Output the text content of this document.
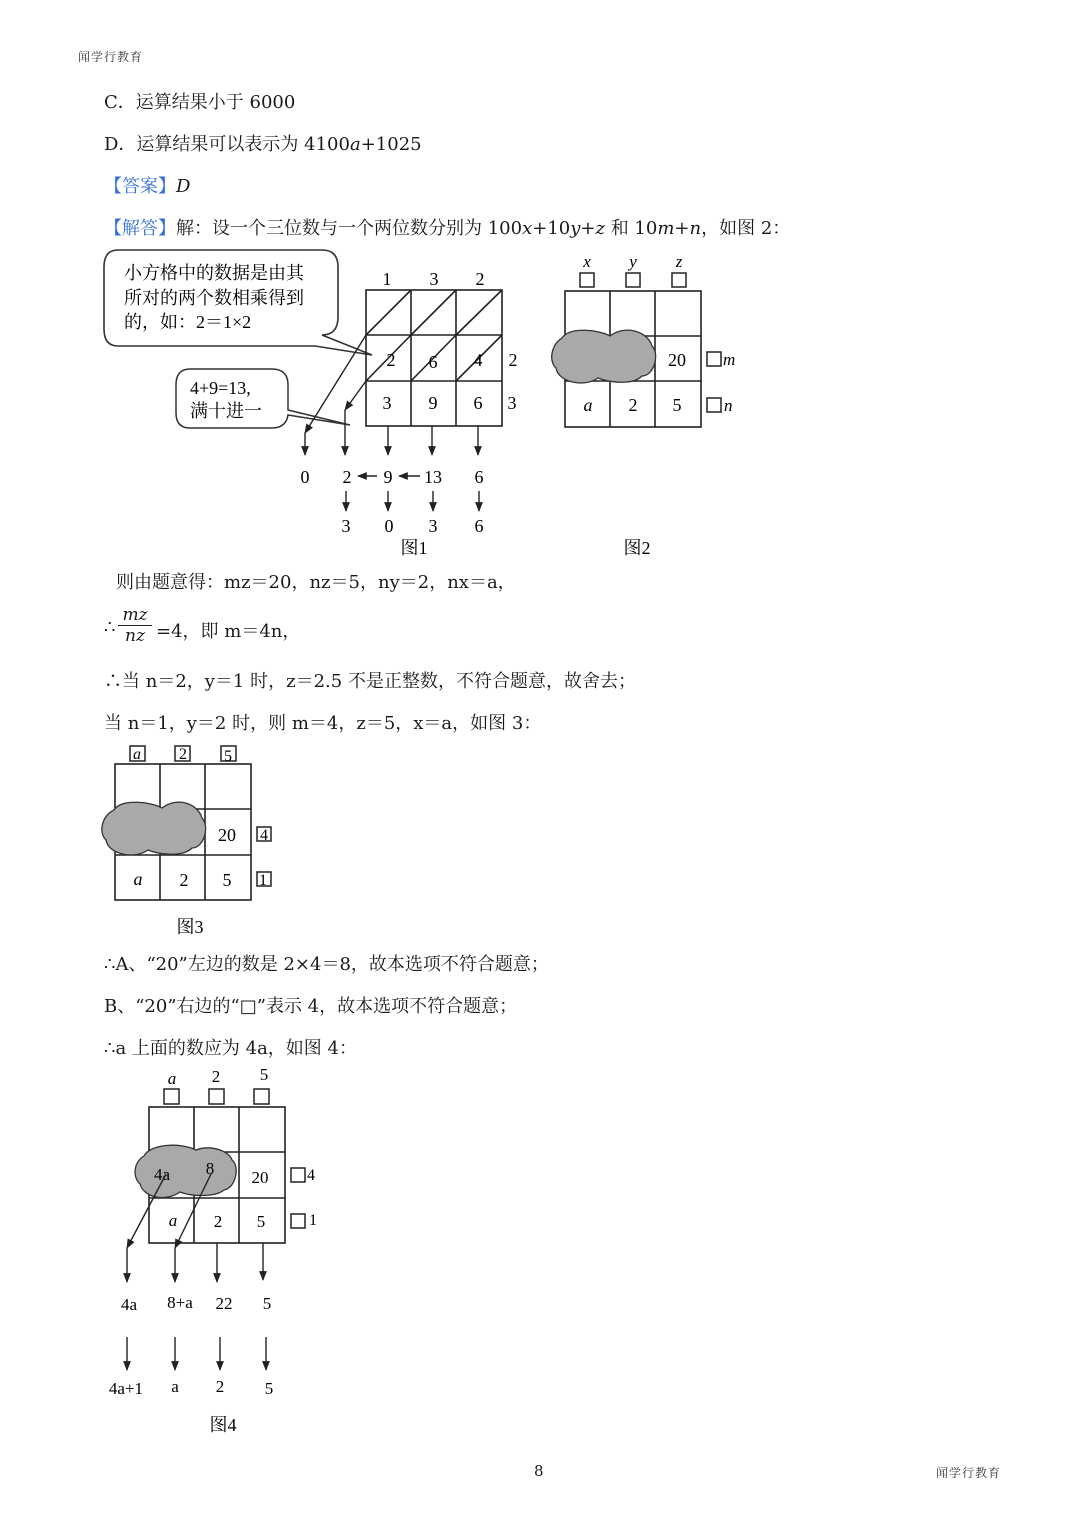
闻学行教育
C．运算结果小于 6000
D．运算结果可以表示为 4100a+1025
【答案】D
【解答】解：设一个三位数与一个两位数分别为 100x+10y+z 和 10m+n，如图 2：
小方格中的数据是由其
所对的两个数相乘得到
的，如：2＝1×2
1 3 2
2 6 4
3 9 6
2
3
4+9=13,
满十进一
0 2 9 13 6
3 0 3 6
图1
x y z
20
a 2 5
m
n
图2
则由题意得：mz＝20，nz＝5，ny＝2，nx＝a，
∴ $\frac{mz}{nz} =4$，即 m＝4n，
∴当 n＝2，y＝1 时，z＝2.5 不是正整数，不符合题意，故舍去；
当 n＝1，y＝2 时，则 m＝4，z＝5，x＝a，如图 3：
a 2 5
20
a 2 5
4
1
图3
∴A、“20”左边的数是 2×4＝8，故本选项不符合题意；
B、“20”右边的“□”表示 4，故本选项不符合题意；
∴a 上面的数应为 4a，如图 4：
a 2 5
4a 8 20
a 2 5
4
1
4a 8+a 22 5
4a+1 a 2 5
图4
8	闻学行教育
